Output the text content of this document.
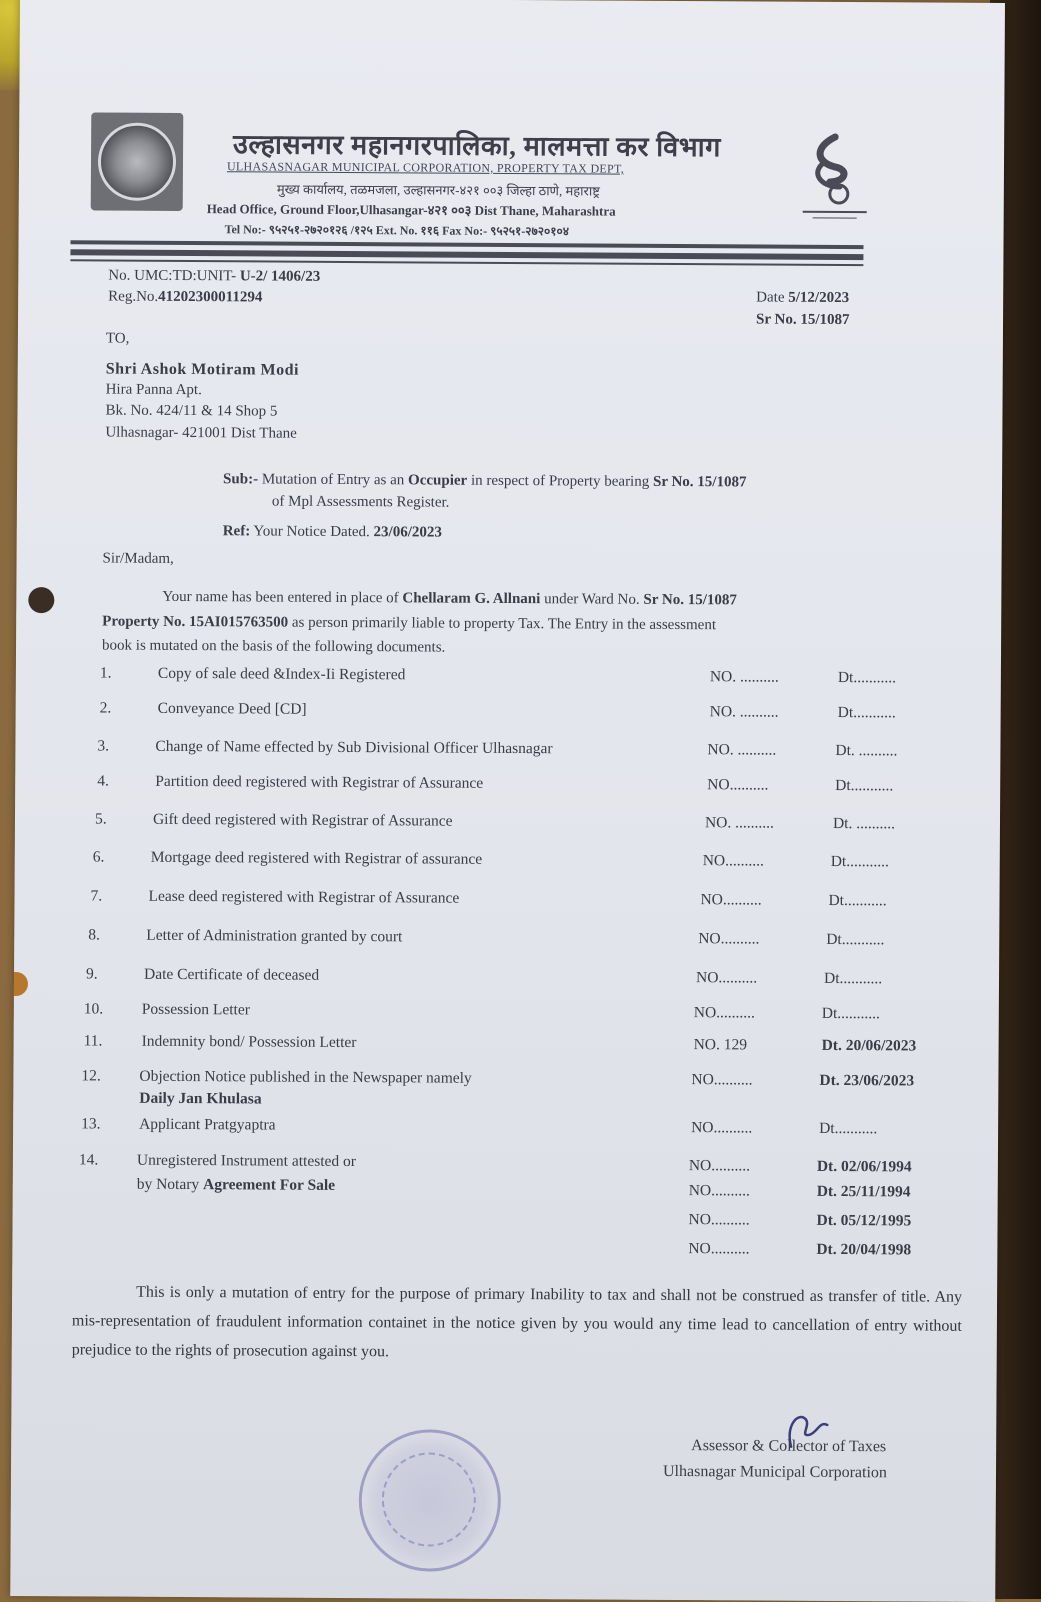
उल्हासनगर महानगरपालिका, मालमत्ता कर विभाग
ULHASASNAGAR MUNICIPAL CORPORATION, PROPERTY TAX DEPT,
मुख्य कार्यालय, तळमजला, उल्हासनगर-४२१ ००३ जिल्हा ठाणे, महाराष्ट्र
Head Office, Ground Floor,Ulhasangar-४२१ ००३ Dist Thane, Maharashtra
Tel No:- ९५२५१-२७२०१२६ /१२५ Ext. No. ११६ Fax No:- ९५२५१-२७२०१०४
No. UMC:TD:UNIT- U-2/ 1406/23
Reg.No.41202300011294	Date 5/12/2023
Sr No. 15/1087
TO,
Shri Ashok Motiram Modi
Hira Panna Apt.
Bk. No. 424/11 & 14 Shop 5
Ulhasnagar- 421001 Dist Thane
Sub:- Mutation of Entry as an Occupier in respect of Property bearing Sr No. 15/1087
of Mpl Assessments Register.
Ref: Your Notice Dated. 23/06/2023
Sir/Madam,
Your name has been entered in place of Chellaram G. Allnani under Ward No. Sr No. 15/1087
Property No. 15AI015763500 as person primarily liable to property Tax. The Entry in the assessment
book is mutated on the basis of the following documents.
1.	Copy of sale deed &Index-Ii Registered	NO. ..........	Dt...........
2.	Conveyance Deed [CD]	NO. ..........	Dt...........
3.	Change of Name effected by Sub Divisional Officer Ulhasnagar	NO. ..........	Dt. ..........
4.	Partition deed registered with Registrar of Assurance	NO..........	Dt...........
5.	Gift deed registered with Registrar of Assurance	NO. ..........	Dt. ..........
6.	Mortgage deed registered with Registrar of assurance	NO..........	Dt...........
7.	Lease deed registered with Registrar of Assurance	NO..........	Dt...........
8.	Letter of Administration granted by court	NO..........	Dt...........
9.	Date Certificate of deceased	NO..........	Dt...........
10. Possession Letter	NO..........	Dt...........
11.	Indemnity bond/ Possession Letter	NO. 129	Dt. 20/06/2023
12. Objection Notice published in the Newspaper namely
Daily Jan Khulasa
NO..........	Dt. 23/06/2023
13. Applicant Pratgyaptra	NO..........	Dt...........
14. Unregistered Instrument attested or
by Notary Agreement For Sale
NO..........	Dt. 02/06/1994
NO..........	Dt. 25/11/1994
NO..........	Dt. 05/12/1995
NO..........	Dt. 20/04/1998
This is only a mutation of entry for the purpose of primary Inability to tax and shall not be construed as transfer of title. Any mis-representation of fraudulent information containet in the notice given by you would any time lead to cancellation of entry without prejudice to the rights of prosecution against you.
Assessor & Collector of Taxes
Ulhasnagar Municipal Corporation
